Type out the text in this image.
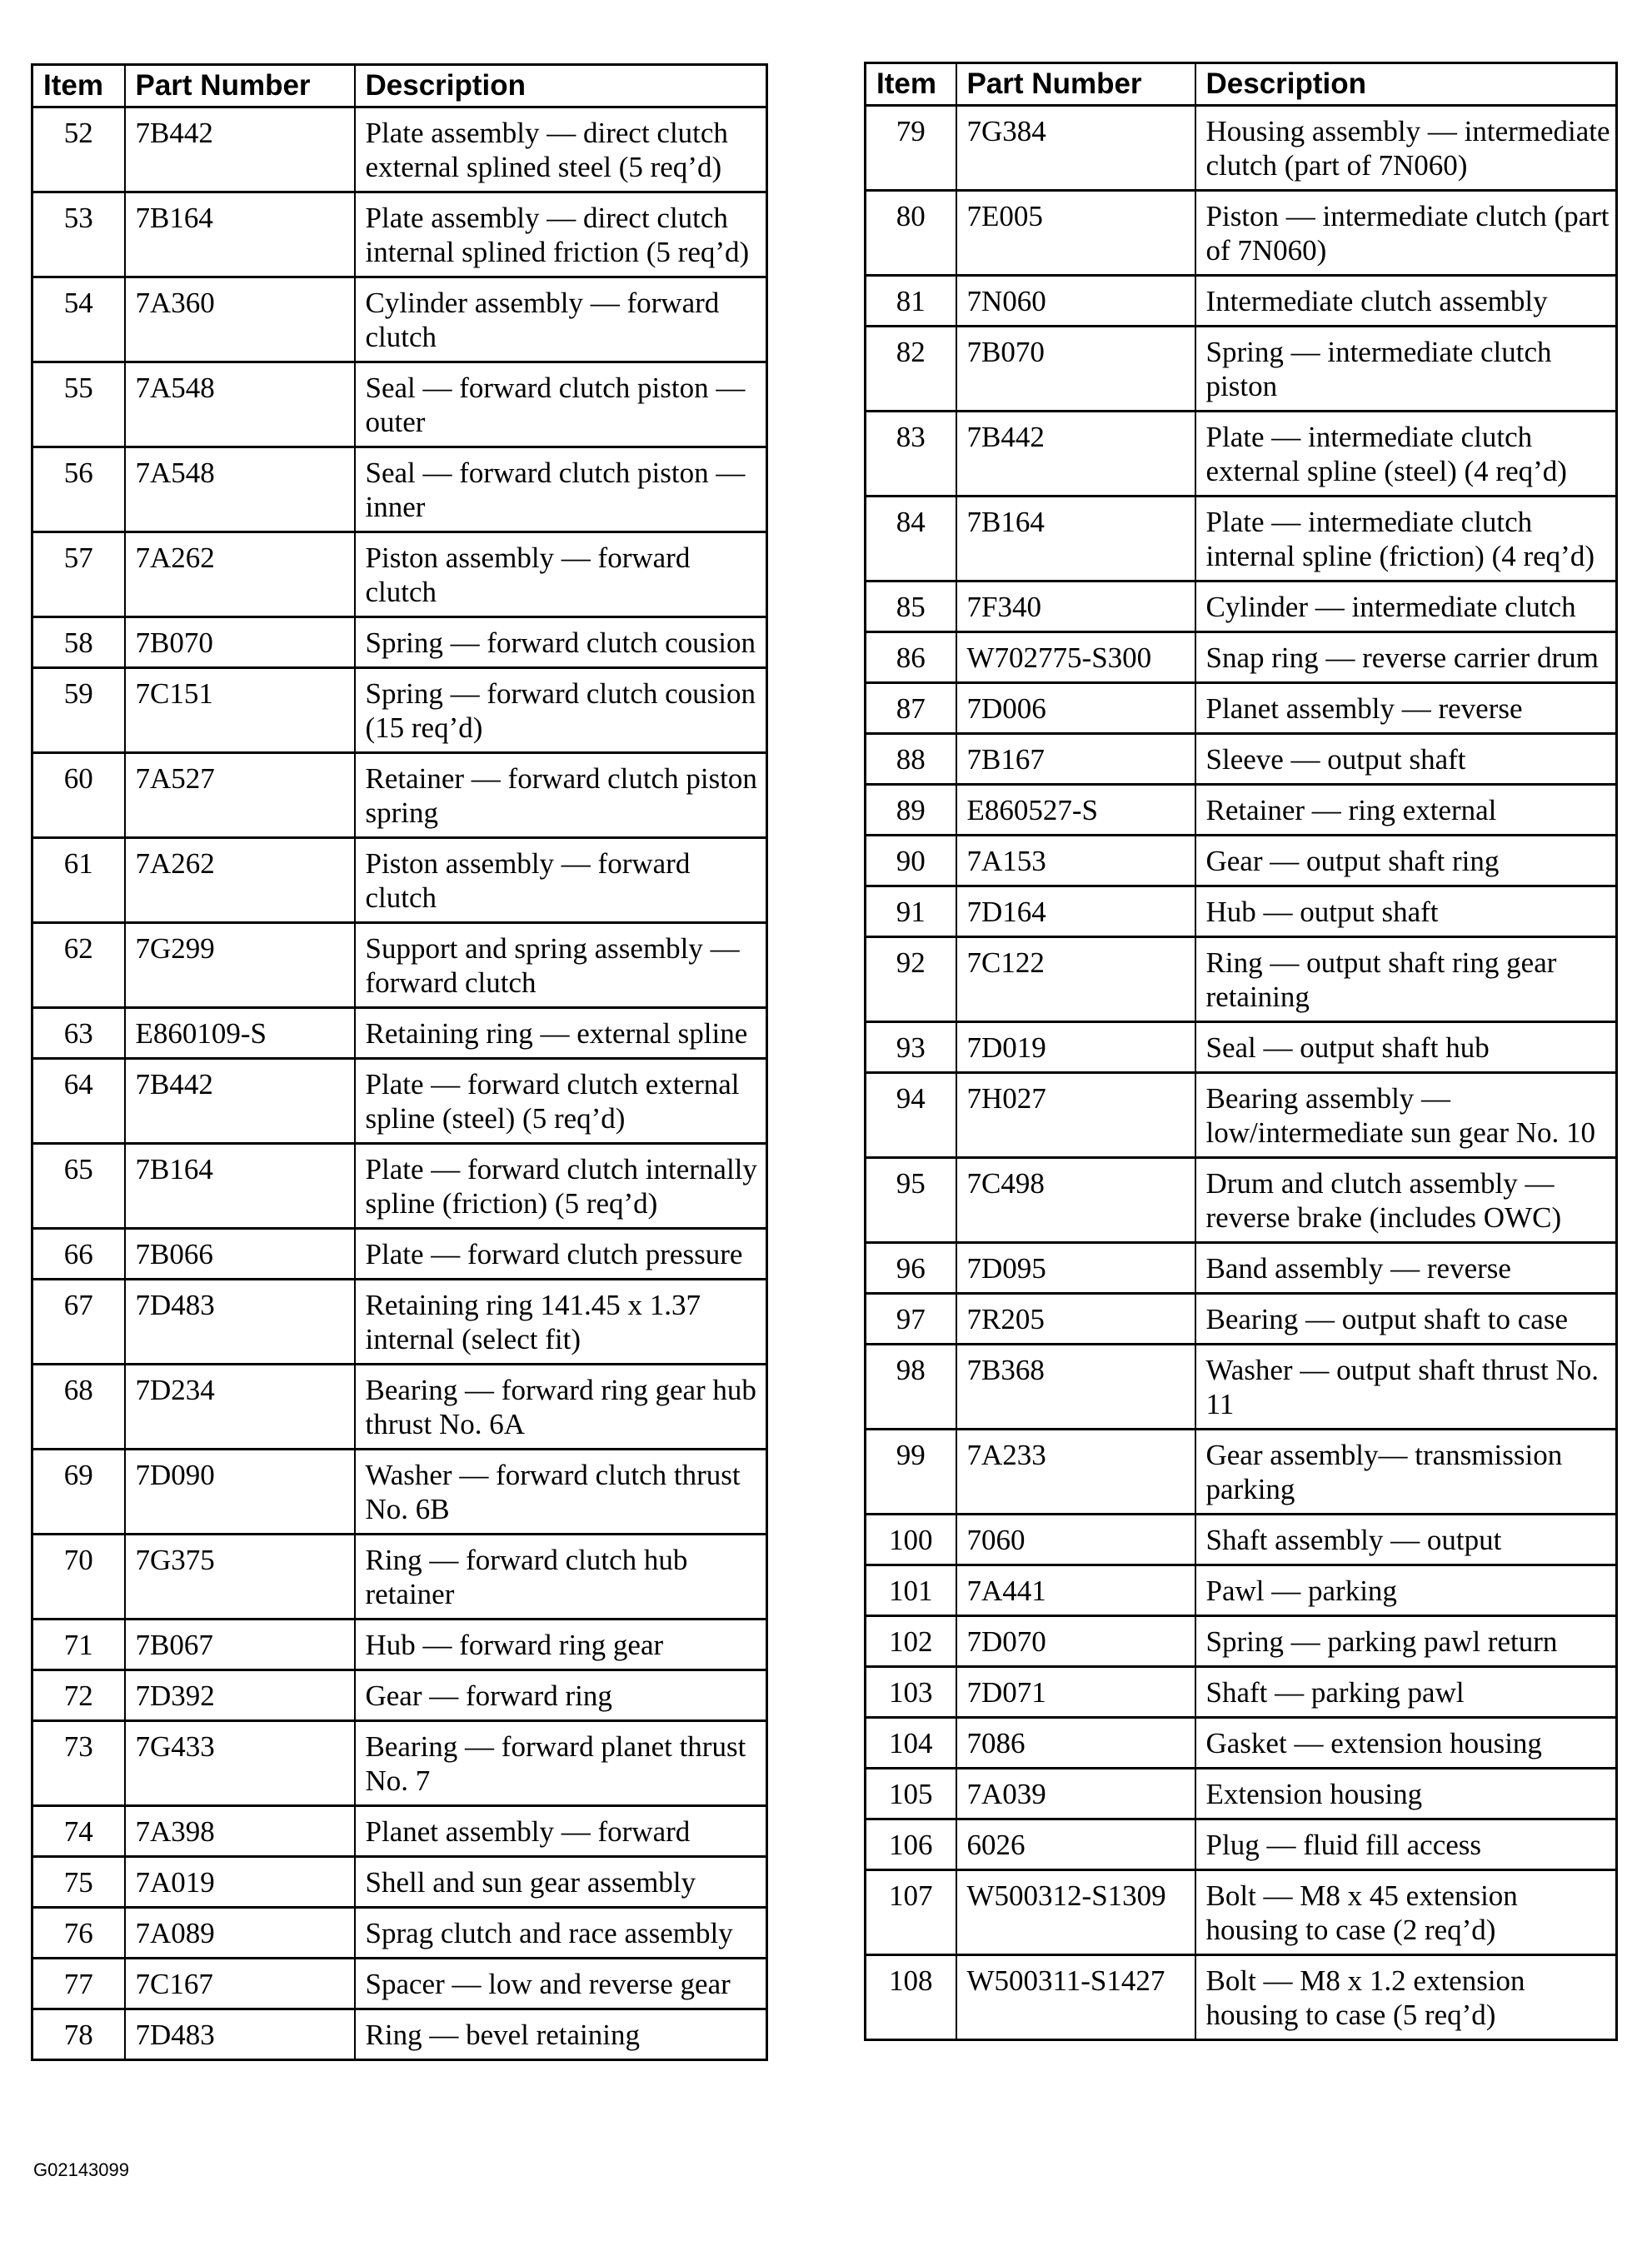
Item	Part Number	Description
52	7B442	Plate assembly — direct clutch external splined steel (5 req’d)
53	7B164	Plate assembly — direct clutch internal splined friction (5 req’d)
54	7A360	Cylinder assembly — forward clutch
55	7A548	Seal — forward clutch piston — outer
56	7A548	Seal — forward clutch piston — inner
57	7A262	Piston assembly — forward clutch
58	7B070	Spring — forward clutch cousion
59	7C151	Spring — forward clutch cousion (15 req’d)
60	7A527	Retainer — forward clutch piston spring
61	7A262	Piston assembly — forward clutch
62	7G299	Support and spring assembly — forward clutch
63	E860109-S	Retaining ring — external spline
64	7B442	Plate — forward clutch external spline (steel) (5 req’d)
65	7B164	Plate — forward clutch internally spline (friction) (5 req’d)
66	7B066	Plate — forward clutch pressure
67	7D483	Retaining ring 141.45 x 1.37 internal (select fit)
68	7D234	Bearing — forward ring gear hub thrust No. 6A
69	7D090	Washer — forward clutch thrust No. 6B
70	7G375	Ring — forward clutch hub retainer
71	7B067	Hub — forward ring gear
72	7D392	Gear — forward ring
73	7G433	Bearing — forward planet thrust No. 7
74	7A398	Planet assembly — forward
75	7A019	Shell and sun gear assembly
76	7A089	Sprag clutch and race assembly
77	7C167	Spacer — low and reverse gear
78	7D483	Ring — bevel retaining
Item	Part Number	Description
79	7G384	Housing assembly — intermediate clutch (part of 7N060)
80	7E005	Piston — intermediate clutch (part of 7N060)
81	7N060	Intermediate clutch assembly
82	7B070	Spring — intermediate clutch piston
83	7B442	Plate — intermediate clutch external spline (steel) (4 req’d)
84	7B164	Plate — intermediate clutch internal spline (friction) (4 req’d)
85	7F340	Cylinder — intermediate clutch
86	W702775-S300	Snap ring — reverse carrier drum
87	7D006	Planet assembly — reverse
88	7B167	Sleeve — output shaft
89	E860527-S	Retainer — ring external
90	7A153	Gear — output shaft ring
91	7D164	Hub — output shaft
92	7C122	Ring — output shaft ring gear retaining
93	7D019	Seal — output shaft hub
94	7H027	Bearing assembly — low/intermediate sun gear No. 10
95	7C498	Drum and clutch assembly — reverse brake (includes OWC)
96	7D095	Band assembly — reverse
97	7R205	Bearing — output shaft to case
98	7B368	Washer — output shaft thrust No. 11
99	7A233	Gear assembly— transmission parking
100	7060	Shaft assembly — output
101	7A441	Pawl — parking
102	7D070	Spring — parking pawl return
103	7D071	Shaft — parking pawl
104	7086	Gasket — extension housing
105	7A039	Extension housing
106	6026	Plug — fluid fill access
107	W500312-S1309	Bolt — M8 x 45 extension housing to case (2 req’d)
108	W500311-S1427	Bolt — M8 x 1.2 extension housing to case (5 req’d)
G02143099
